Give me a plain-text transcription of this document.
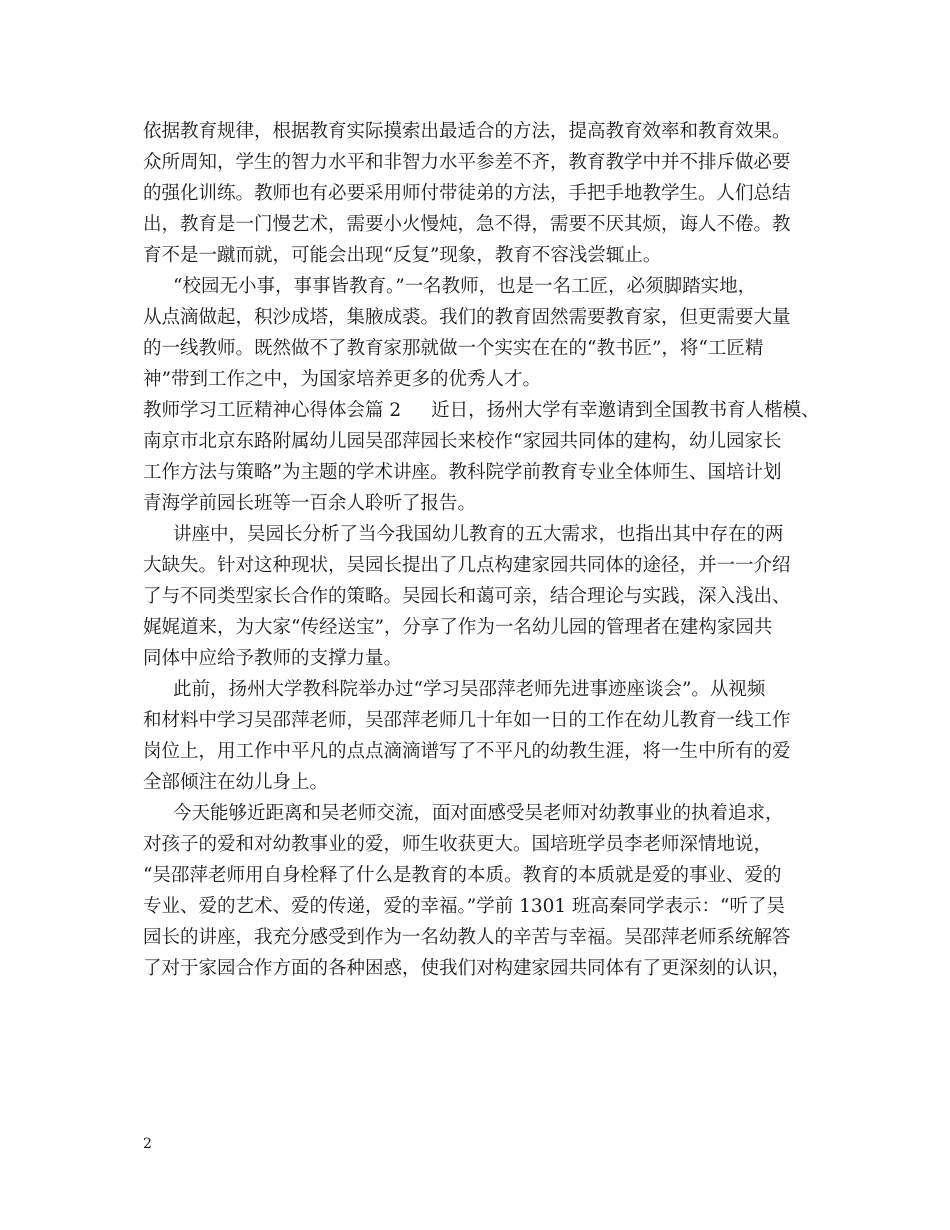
依据教育规律，根据教育实际摸索出最适合的方法，提高教育效率和教育效果。
众所周知，学生的智力水平和非智力水平参差不齐，教育教学中并不排斥做必要
的强化训练。教师也有必要采用师付带徒弟的方法，手把手地教学生。人们总结
出，教育是一门慢艺术，需要小火慢炖，急不得，需要不厌其烦，诲人不倦。教
育不是一蹴而就，可能会出现“反复”现象，教育不容浅尝辄止。
“校园无小事，事事皆教育。”一名教师，也是一名工匠，必须脚踏实地，
从点滴做起，积沙成塔，集腋成裘。我们的教育固然需要教育家，但更需要大量
的一线教师。既然做不了教育家那就做一个实实在在的“教书匠”，将“工匠精
神”带到工作之中，为国家培养更多的优秀人才。
教师学习工匠精神心得体会篇 2 近日，扬州大学有幸邀请到全国教书育人楷模、
南京市北京东路附属幼儿园吴邵萍园长来校作“家园共同体的建构，幼儿园家长
工作方法与策略”为主题的学术讲座。教科院学前教育专业全体师生、国培计划
青海学前园长班等一百余人聆听了报告。
讲座中，吴园长分析了当今我国幼儿教育的五大需求，也指出其中存在的两
大缺失。针对这种现状，吴园长提出了几点构建家园共同体的途径，并一一介绍
了与不同类型家长合作的策略。吴园长和蔼可亲，结合理论与实践，深入浅出、
娓娓道来，为大家“传经送宝”，分享了作为一名幼儿园的管理者在建构家园共
同体中应给予教师的支撑力量。
此前，扬州大学教科院举办过“学习吴邵萍老师先进事迹座谈会”。从视频
和材料中学习吴邵萍老师，吴邵萍老师几十年如一日的工作在幼儿教育一线工作
岗位上，用工作中平凡的点点滴滴谱写了不平凡的幼教生涯，将一生中所有的爱
全部倾注在幼儿身上。
今天能够近距离和吴老师交流，面对面感受吴老师对幼教事业的执着追求，
对孩子的爱和对幼教事业的爱，师生收获更大。国培班学员李老师深情地说，
“吴邵萍老师用自身栓释了什么是教育的本质。教育的本质就是爱的事业、爱的
专业、爱的艺术、爱的传递，爱的幸福。”学前 1301 班高秦同学表示：“听了吴
园长的讲座，我充分感受到作为一名幼教人的辛苦与幸福。吴邵萍老师系统解答
了对于家园合作方面的各种困惑，使我们对构建家园共同体有了更深刻的认识，
2
